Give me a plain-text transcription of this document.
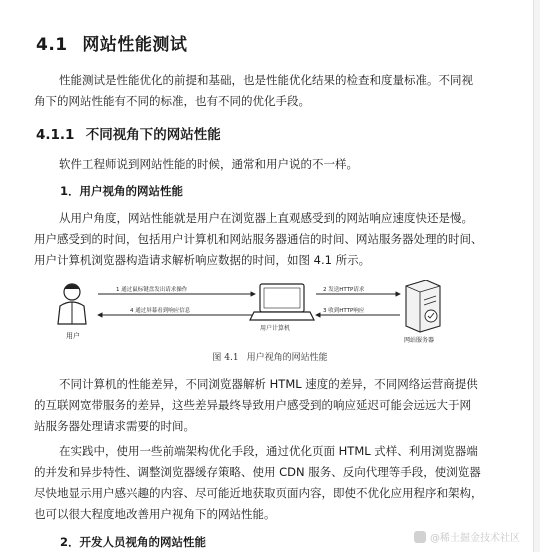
4.1 网站性能测试
性能测试是性能优化的前提和基础，也是性能优化结果的检查和度量标准。不同视
角下的网站性能有不同的标准，也有不同的优化手段。
4.1.1 不同视角下的网站性能
软件工程师说到网站性能的时候，通常和用户说的不一样。
1．用户视角的网站性能
从用户角度，网站性能就是用户在浏览器上直观感受到的网站响应速度快还是慢。
用户感受到的时间，包括用户计算机和网站服务器通信的时间、网站服务器处理的时间、
用户计算机浏览器构造请求解析响应数据的时间，如图 4.1 所示。
用户
1 通过鼠标键盘发出请求操作
4 通过屏幕看到响应信息
用户计算机
2 发送HTTP请求
3 收到HTTP响应
网站服务器
图 4.1 用户视角的网站性能
不同计算机的性能差异，不同浏览器解析 HTML 速度的差异，不同网络运营商提供
的互联网宽带服务的差异，这些差异最终导致用户感受到的响应延迟可能会远远大于网
站服务器处理请求需要的时间。
在实践中，使用一些前端架构优化手段，通过优化页面 HTML 式样、利用浏览器端
的并发和异步特性、调整浏览器缓存策略、使用 CDN 服务、反向代理等手段，使浏览器
尽快地显示用户感兴趣的内容、尽可能近地获取页面内容，即使不优化应用程序和架构，
也可以很大程度地改善用户视角下的网站性能。
2．开发人员视角的网站性能	@稀土掘金技术社区
